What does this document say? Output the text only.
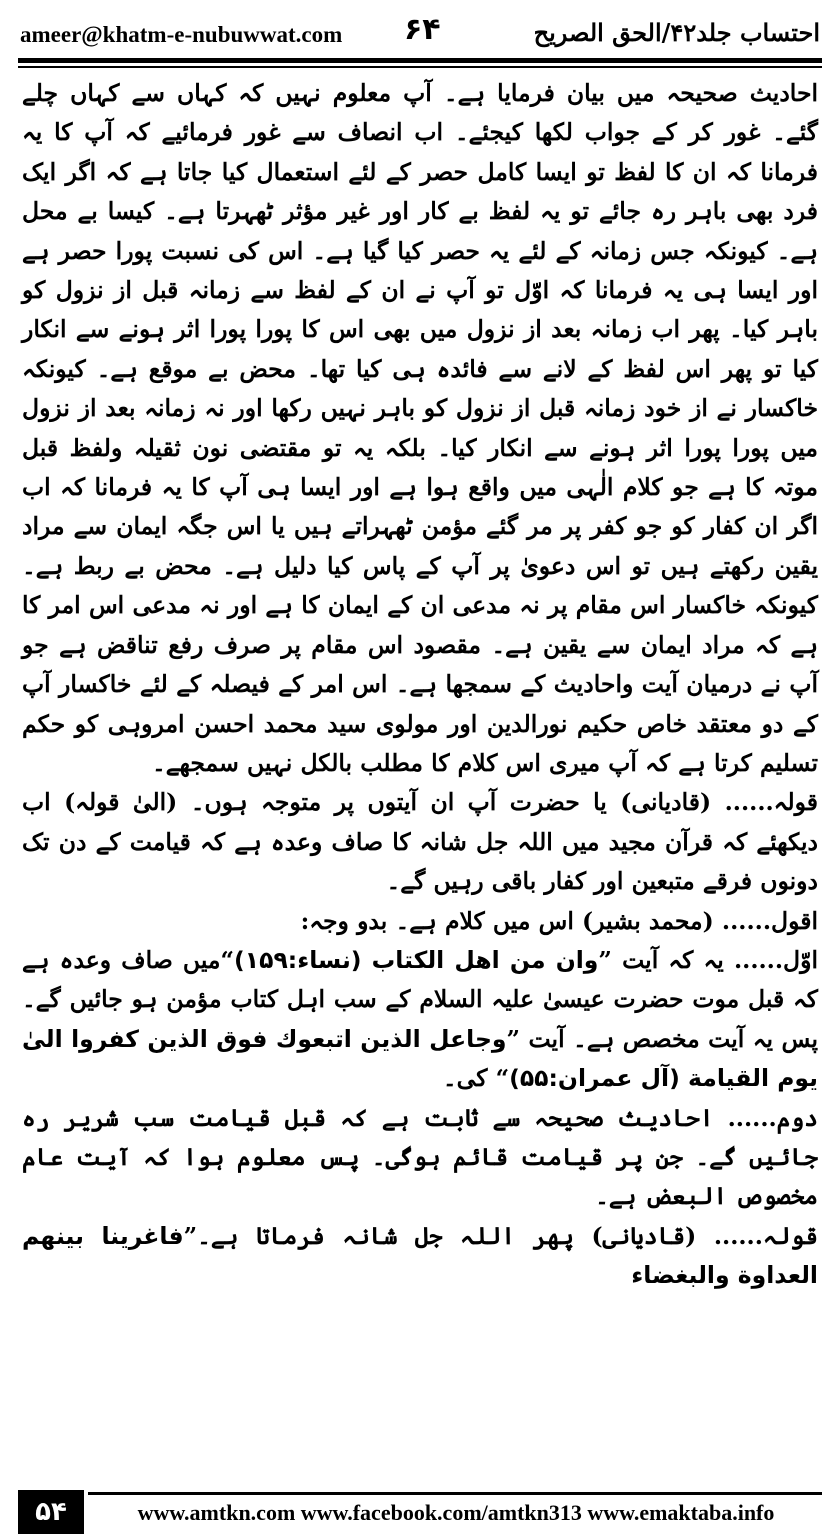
ameer@khatm-e-nubuwwat.com ۶۴	احتساب جلد۴۲/الحق الصریح

احادیث صحیحہ میں بیان فرمایا ہے۔ آپ معلوم نہیں کہ کہاں سے کہاں چلے گئے۔ غور کر کے جواب لکھا کیجئے۔ اب انصاف سے غور فرمائیے کہ آپ کا یہ فرمانا کہ ان کا لفظ تو ایسا کامل حصر کے لئے استعمال کیا جاتا ہے کہ اگر ایک فرد بھی باہر رہ جائے تو یہ لفظ بے کار اور غیر مؤثر ٹھہرتا ہے۔ کیسا بے محل ہے۔ کیونکہ جس زمانہ کے لئے یہ حصر کیا گیا ہے۔ اس کی نسبت پورا حصر ہے اور ایسا ہی یہ فرمانا کہ اوّل تو آپ نے ان کے لفظ سے زمانہ قبل از نزول کو باہر کیا۔ پھر اب زمانہ بعد از نزول میں بھی اس کا پورا پورا اثر ہونے سے انکار کیا تو پھر اس لفظ کے لانے سے فائدہ ہی کیا تھا۔ محض بے موقع ہے۔ کیونکہ خاکسار نے از خود زمانہ قبل از نزول کو باہر نہیں رکھا اور نہ زمانہ بعد از نزول میں پورا پورا اثر ہونے سے انکار کیا۔ بلکہ یہ تو مقتضی نون ثقیلہ ولفظ قبل موتہ کا ہے جو کلام الٰہی میں واقع ہوا ہے اور ایسا ہی آپ کا یہ فرمانا کہ اب اگر ان کفار کو جو کفر پر مر گئے مؤمن ٹھہراتے ہیں یا اس جگہ ایمان سے مراد یقین رکھتے ہیں تو اس دعویٰ پر آپ کے پاس کیا دلیل ہے۔ محض بے ربط ہے۔ کیونکہ خاکسار اس مقام پر نہ مدعی ان کے ایمان کا ہے اور نہ مدعی اس امر کا ہے کہ مراد ایمان سے یقین ہے۔ مقصود اس مقام پر صرف رفع تناقض ہے جو آپ نے درمیان آیت واحادیث کے سمجھا ہے۔ اس امر کے فیصلہ کے لئے خاکسار آپ کے دو معتقد خاص حکیم نورالدین اور مولوی سید محمد احسن امروہی کو حکم تسلیم کرتا ہے کہ آپ میری اس کلام کا مطلب بالکل نہیں سمجھے۔

قولہ...... (قادیانی) یا حضرت آپ ان آیتوں پر متوجہ ہوں۔ (الیٰ قولہ) اب دیکھئے کہ قرآن مجید میں اللہ جل شانہ کا صاف وعدہ ہے کہ قیامت کے دن تک دونوں فرقے متبعین اور کفار باقی رہیں گے۔

اقول...... (محمد بشیر) اس میں کلام ہے۔ بدو وجہ:

اوّل...... یہ کہ آیت ”وان من اهل الكتاب (نساء:۱۵۹)“میں صاف وعدہ ہے کہ قبل موت حضرت عیسیٰ علیہ السلام کے سب اہل کتاب مؤمن ہو جائیں گے۔ پس یہ آیت مخصص ہے۔ آیت ”وجاعل الذين اتبعوك فوق الذين كفروا الىٰ يوم القيامة (آل عمران:۵۵)“ کی۔

دوم...... احادیث صحیحہ سے ثابت ہے کہ قبل قیامت سب شریر رہ جائیں گے۔ جن پر قیامت قائم ہوگی۔ پس معلوم ہوا کہ آیت عام مخصوص البعض ہے۔

قولہ...... (قادیانی) پھر اللہ جل شانہ فرماتا ہے۔”فاغرينا بينهم العداوة والبغضاء

۵۴	www.amtkn.com www.facebook.com/amtkn313 www.emaktaba.info
